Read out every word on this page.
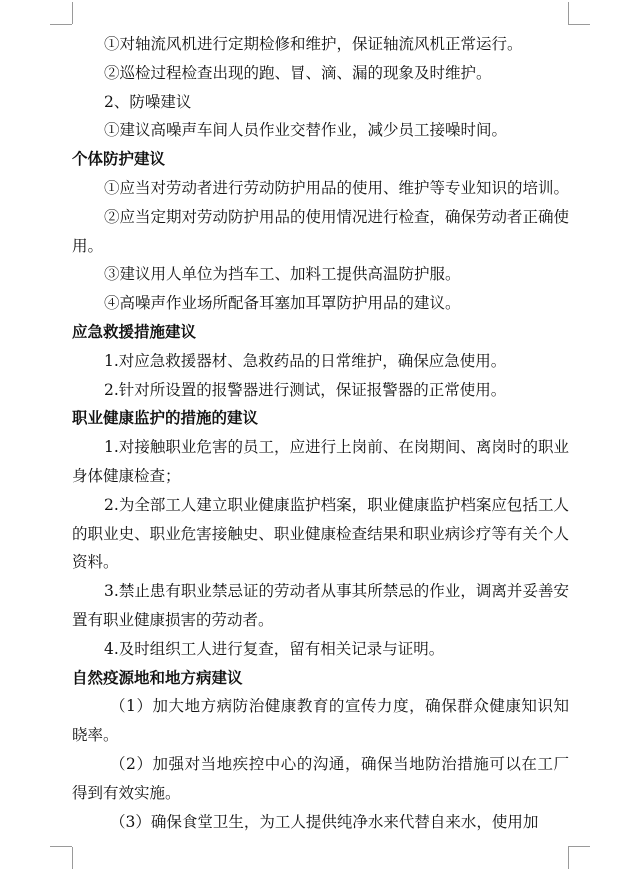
①对轴流风机进行定期检修和维护，保证轴流风机正常运行。

②巡检过程检查出现的跑、冒、滴、漏的现象及时维护。

2、防噪建议

①建议高噪声车间人员作业交替作业，减少员工接噪时间。

个体防护建议

①应当对劳动者进行劳动防护用品的使用、维护等专业知识的培训。

②应当定期对劳动防护用品的使用情况进行检查，确保劳动者正确使用。

③建议用人单位为挡车工、加料工提供高温防护服。

④高噪声作业场所配备耳塞加耳罩防护用品的建议。

应急救援措施建议

1.对应急救援器材、急救药品的日常维护，确保应急使用。

2.针对所设置的报警器进行测试，保证报警器的正常使用。

职业健康监护的措施的建议

1.对接触职业危害的员工，应进行上岗前、在岗期间、离岗时的职业身体健康检查；

2.为全部工人建立职业健康监护档案，职业健康监护档案应包括工人的职业史、职业危害接触史、职业健康检查结果和职业病诊疗等有关个人资料。

3.禁止患有职业禁忌证的劳动者从事其所禁忌的作业，调离并妥善安置有职业健康损害的劳动者。

4.及时组织工人进行复查，留有相关记录与证明。

自然疫源地和地方病建议

（1）加大地方病防治健康教育的宣传力度，确保群众健康知识知晓率。

（2）加强对当地疾控中心的沟通，确保当地防治措施可以在工厂得到有效实施。

（3）确保食堂卫生，为工人提供纯净水来代替自来水，使用加
